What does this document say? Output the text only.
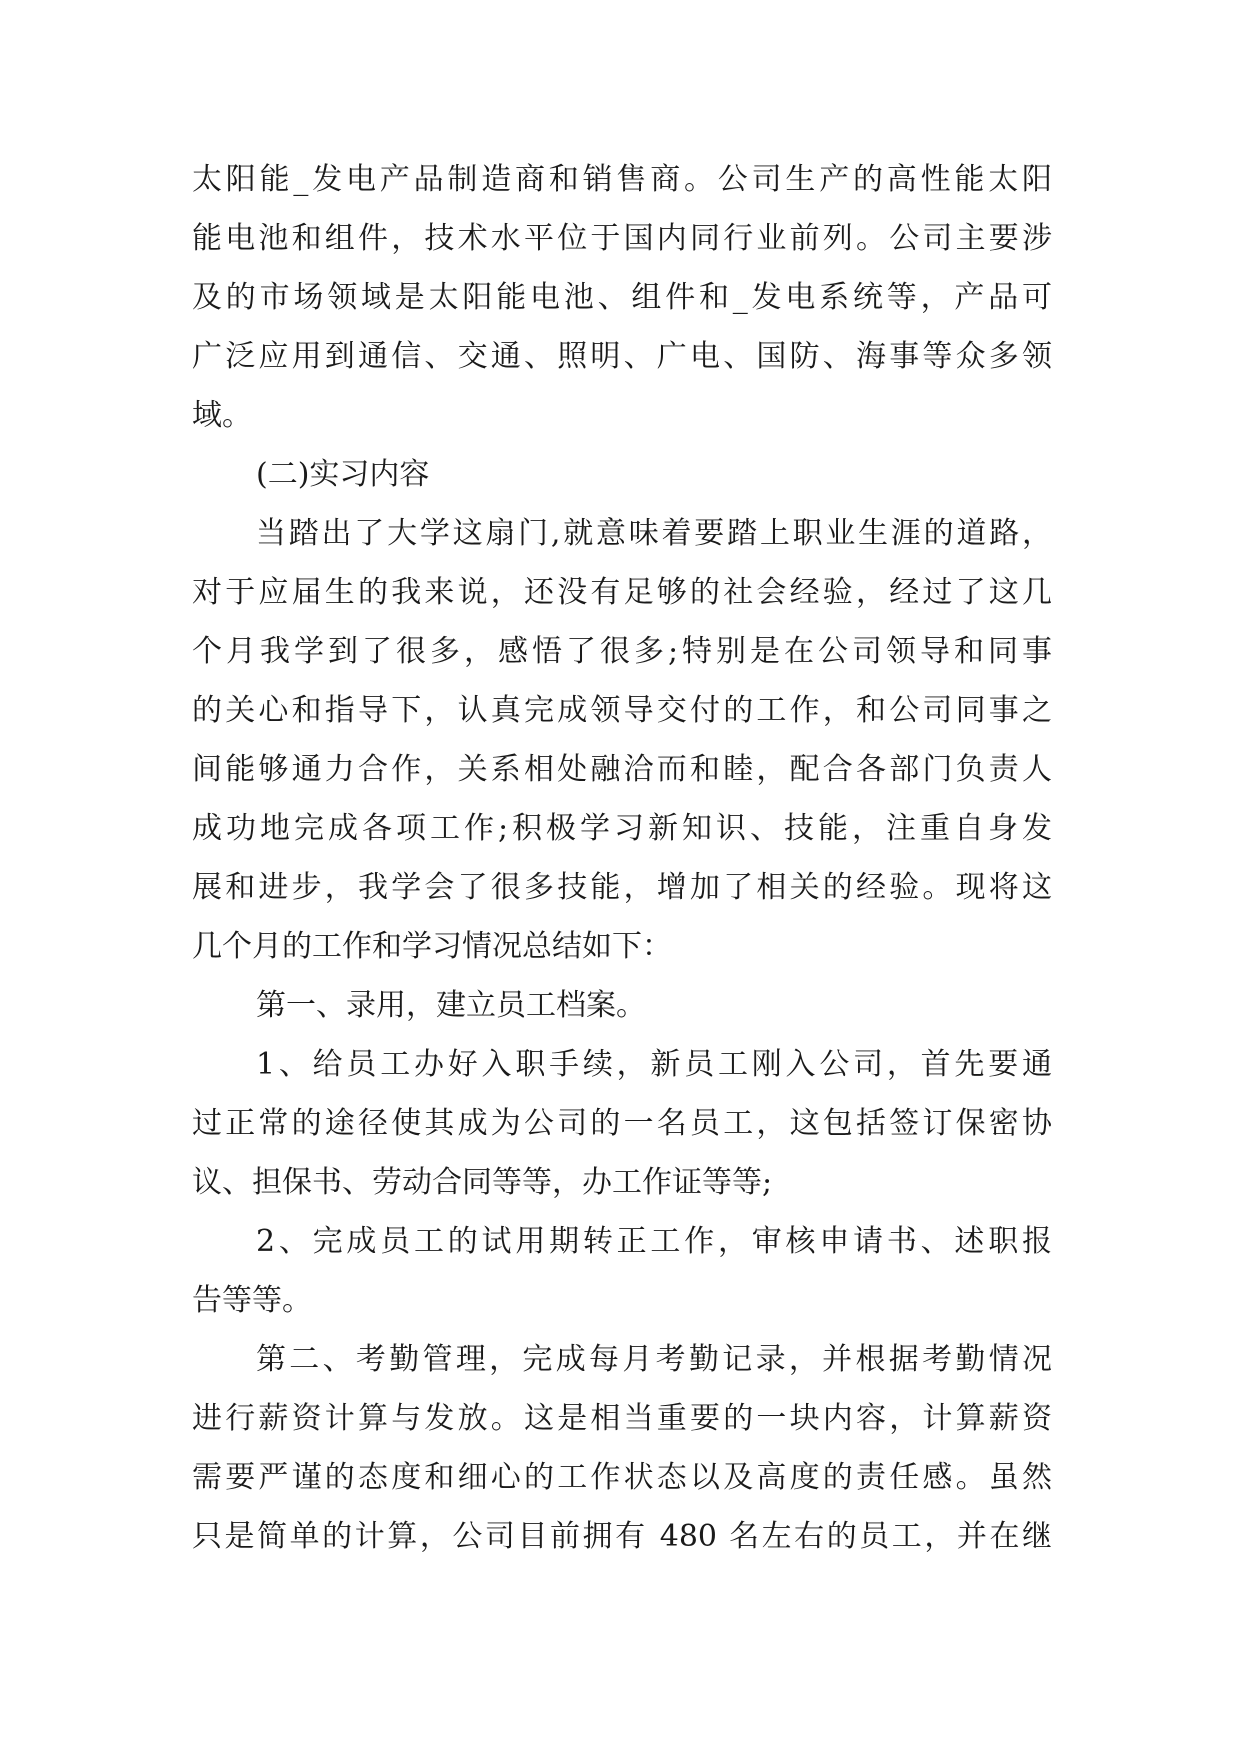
太阳能_发电产品制造商和销售商。公司生产的高性能太阳
能电池和组件，技术水平位于国内同行业前列。公司主要涉
及的市场领域是太阳能电池、组件和_发电系统等，产品可
广泛应用到通信、交通、照明、广电、国防、海事等众多领
域。
(二)实习内容
当踏出了大学这扇门,就意味着要踏上职业生涯的道路，
对于应届生的我来说，还没有足够的社会经验，经过了这几
个月我学到了很多，感悟了很多;特别是在公司领导和同事
的关心和指导下，认真完成领导交付的工作，和公司同事之
间能够通力合作，关系相处融洽而和睦，配合各部门负责人
成功地完成各项工作;积极学习新知识、技能，注重自身发
展和进步，我学会了很多技能，增加了相关的经验。现将这
几个月的工作和学习情况总结如下：
第一、录用，建立员工档案。
1、给员工办好入职手续，新员工刚入公司，首先要通
过正常的途径使其成为公司的一名员工，这包括签订保密协
议、担保书、劳动合同等等，办工作证等等;
2、完成员工的试用期转正工作，审核申请书、述职报
告等等。
第二、考勤管理，完成每月考勤记录，并根据考勤情况
进行薪资计算与发放。这是相当重要的一块内容，计算薪资
需要严谨的态度和细心的工作状态以及高度的责任感。虽然
只是简单的计算，公司目前拥有 480 名左右的员工，并在继
